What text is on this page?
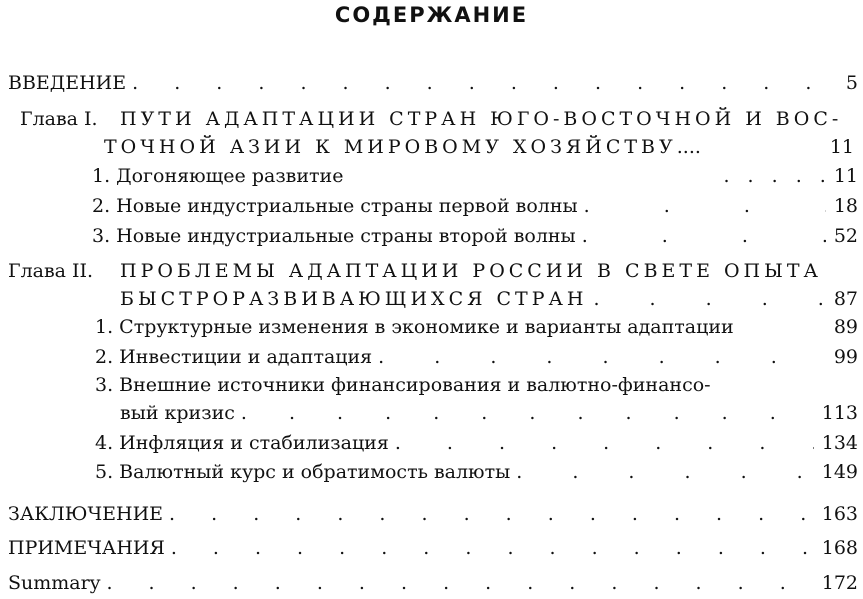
СОДЕРЖАНИЕ
ВВЕДЕНИЕ . . .	5
Глава I. ПУТИ АДАПТАЦИИ СТРАН ЮГО-ВОСТОЧНОЙ И ВОС-
ТОЧНОЙ АЗИИ К МИРОВОМУ ХОЗЯЙСТВУ ....	11
1. Догоняющее развитие . . .	11
2. Новые индустриальные страны первой волны . . .	18
3. Новые индустриальные страны второй волны . . .	52
Глава II. ПРОБЛЕМЫ АДАПТАЦИИ РОССИИ В СВЕТЕ ОПЫТА
БЫСТРОРАЗВИВАЮЩИХСЯ СТРАН . . .	87
1. Структурные изменения в экономике и варианты адаптации	89
2. Инвестиции и адаптация . . .	99
3. Внешние источники финансирования и валютно-финансо-
вый кризис . . .	113
4. Инфляция и стабилизация . . .	134
5. Валютный курс и обратимость валюты . . .	149
ЗАКЛЮЧЕНИЕ . . .	163
ПРИМЕЧАНИЯ . . .	168
Summary . . .	172
